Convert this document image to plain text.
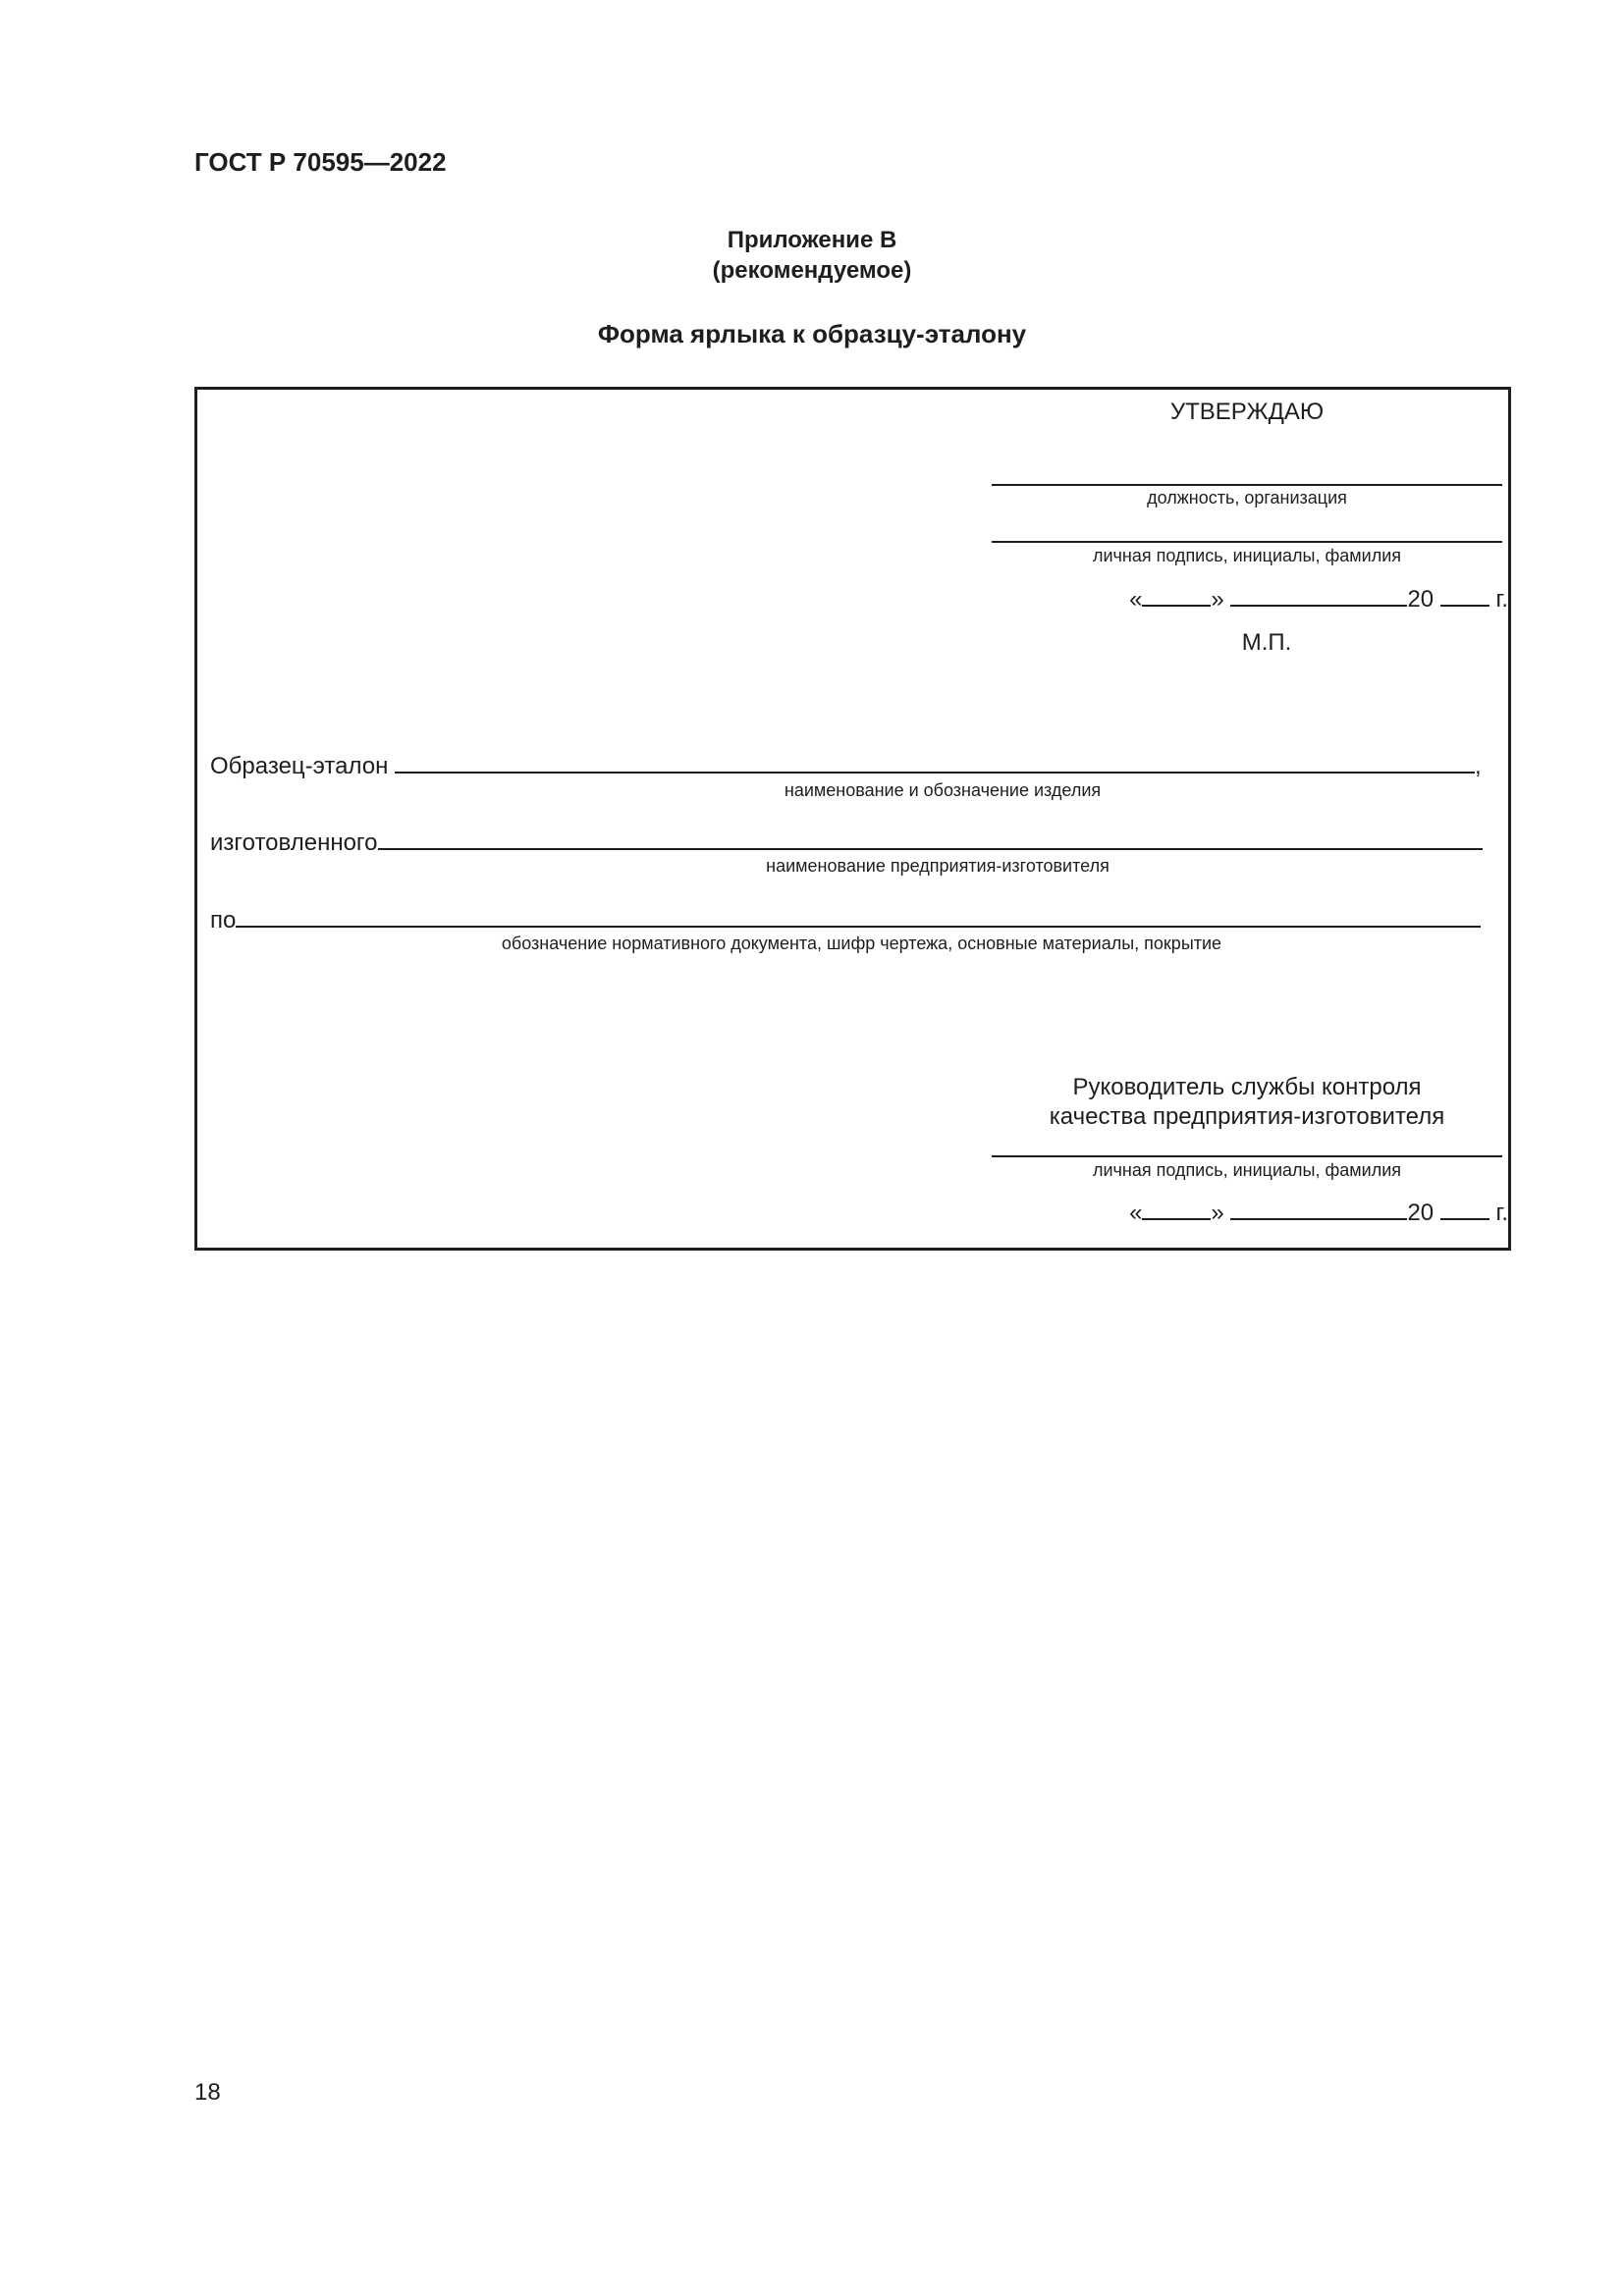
ГОСТ Р 70595—2022
Приложение В
(рекомендуемое)
Форма ярлыка к образцу-эталону
УТВЕРЖДАЮ
должность, организация
личная подпись, инициалы, фамилия
«	»	20	г.
М.П.
Образец-эталон	,
наименование и обозначение изделия
изготовленного
наименование предприятия-изготовителя
по
обозначение нормативного документа, шифр чертежа, основные материалы, покрытие
Руководитель службы контроля
качества предприятия-изготовителя
личная подпись, инициалы, фамилия
«	»	20	г.
18
